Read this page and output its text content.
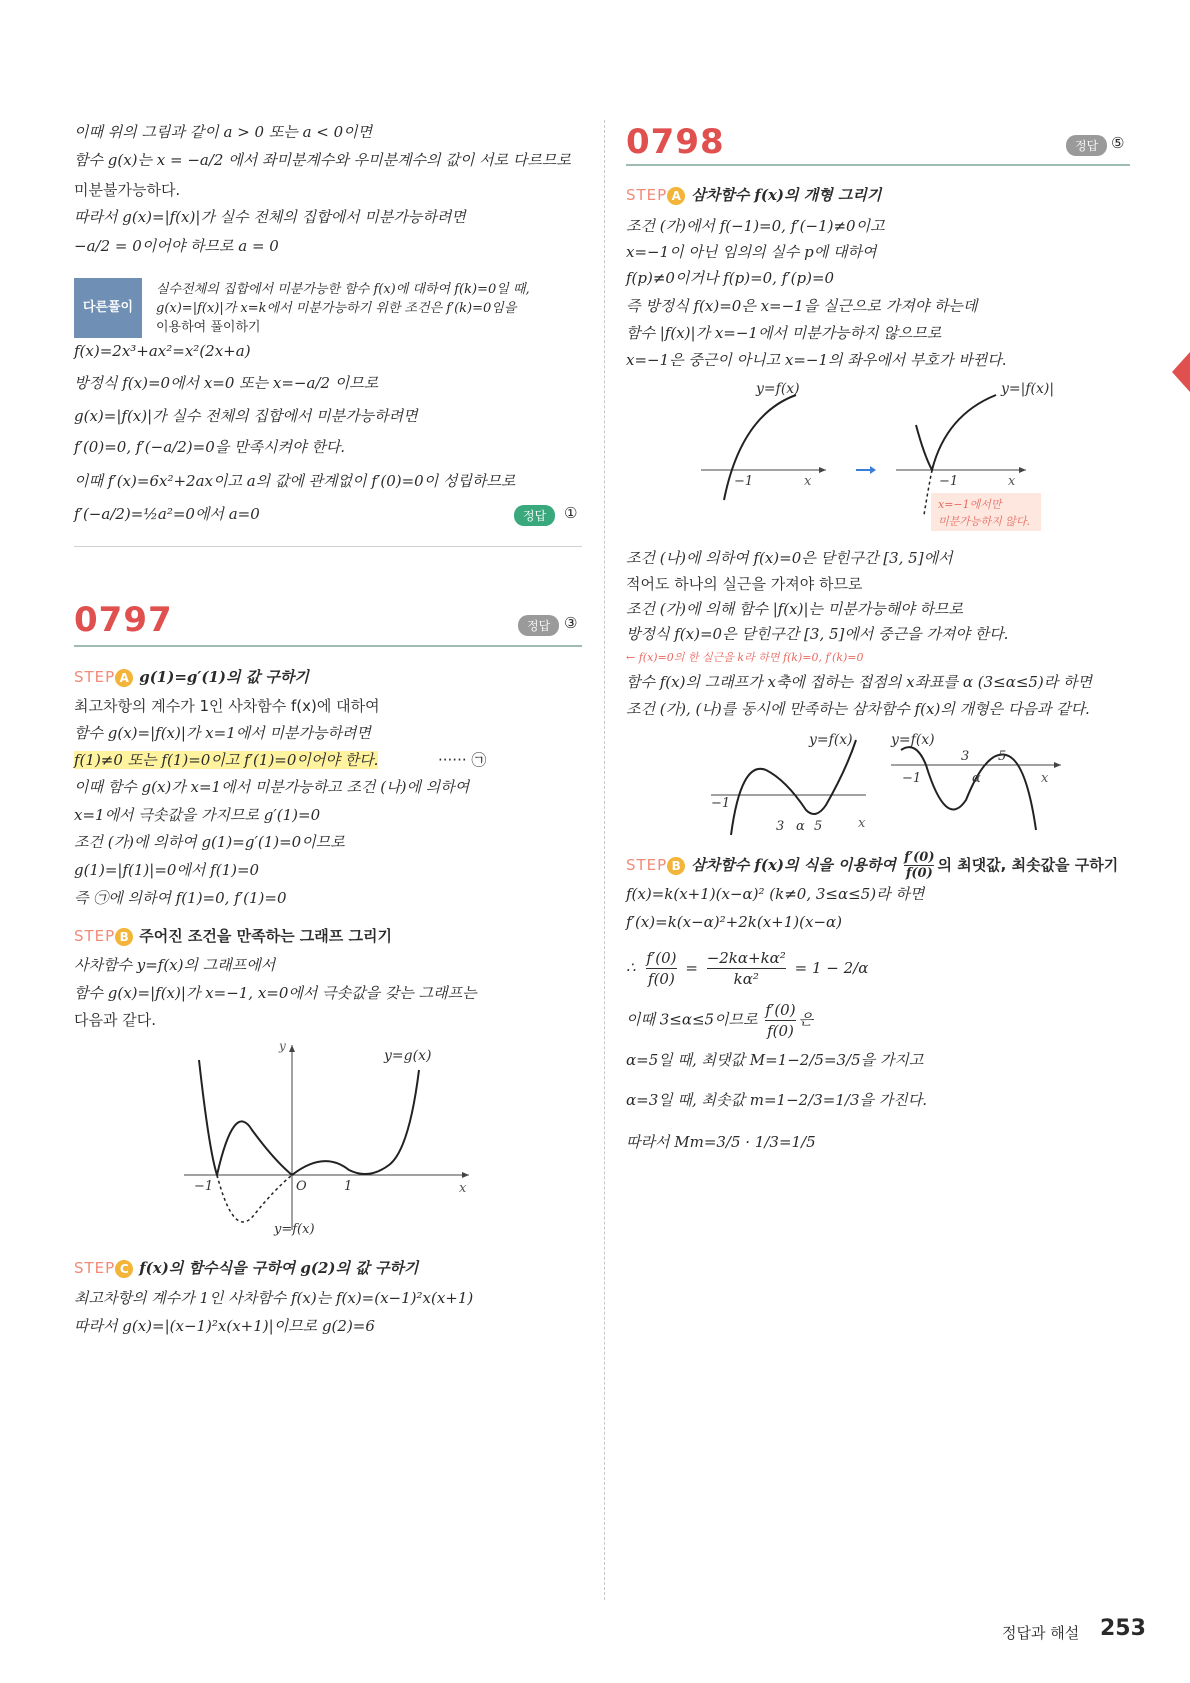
이때 위의 그림과 같이 a > 0 또는 a < 0이면
함수 g(x)는 x = −a/2 에서 좌미분계수와 우미분계수의 값이 서로 다르므로
미분불가능하다.
따라서 g(x)=|f(x)|가 실수 전체의 집합에서 미분가능하려면
−a/2 = 0이어야 하므로 a = 0
다른풀이
실수전체의 집합에서 미분가능한 함수 f(x)에 대하여 f(k)=0일 때,
g(x)=|f(x)|가 x=k에서 미분가능하기 위한 조건은 f′(k)=0임을
이용하여 풀이하기
f(x)=2x³+ax²=x²(2x+a)
방정식 f(x)=0에서 x=0 또는 x=−a/2 이므로
g(x)=|f(x)|가 실수 전체의 집합에서 미분가능하려면
f′(0)=0, f′(−a/2)=0을 만족시켜야 한다.
이때 f′(x)=6x²+2ax이고 a의 값에 관계없이 f′(0)=0이 성립하므로
f′(−a/2)=½a²=0에서 a=0	정답	①
0797	정답 ③
STEP A g(1)=g′(1)의 값 구하기
최고차항의 계수가 1인 사차함수 f(x)에 대하여
함수 g(x)=|f(x)|가 x=1에서 미분가능하려면
f(1)≠0 또는 f(1)=0이고 f′(1)=0이어야 한다.	······ ㉠
이때 함수 g(x)가 x=1에서 미분가능하고 조건 (나)에 의하여
x=1에서 극솟값을 가지므로 g′(1)=0
조건 (가)에 의하여 g(1)=g′(1)=0이므로
g(1)=|f(1)|=0에서 f(1)=0
즉 ㉠에 의하여 f(1)=0, f′(1)=0
STEP B 주어진 조건을 만족하는 그래프 그리기
사차함수 y=f(x)의 그래프에서
함수 g(x)=|f(x)|가 x=−1, x=0에서 극솟값을 갖는 그래프는
다음과 같다.
y
x
y=g(x)
y=f(x)
−1	O	1
STEP C f(x)의 함수식을 구하여 g(2)의 값 구하기
최고차항의 계수가 1인 사차함수 f(x)는 f(x)=(x−1)²x(x+1)
따라서 g(x)=|(x−1)²x(x+1)|이므로 g(2)=6
0798	정답 ⑤
STEP A 삼차함수 f(x)의 개형 그리기
조건 (가)에서 f(−1)=0, f′(−1)≠0이고
x=−1이 아닌 임의의 실수 p에 대하여
f(p)≠0이거나 f(p)=0, f′(p)=0
즉 방정식 f(x)=0은 x=−1을 실근으로 가져야 하는데
함수 |f(x)|가 x=−1에서 미분가능하지 않으므로
x=−1은 중근이 아니고 x=−1의 좌우에서 부호가 바뀐다.
y=f(x)
−1	x
y=|f(x)|
−1	x
x=−1에서만
미분가능하지 않다.
조건 (나)에 의하여 f(x)=0은 닫힌구간 [3, 5]에서
적어도 하나의 실근을 가져야 하므로
조건 (가)에 의해 함수 |f(x)|는 미분가능해야 하므로
방정식 f(x)=0은 닫힌구간 [3, 5]에서 중근을 가져야 한다.
← f(x)=0의 한 실근을 k라 하면 f(k)=0, f′(k)=0
함수 f(x)의 그래프가 x축에 접하는 접점의 x좌표를 α (3≤α≤5)라 하면
조건 (가), (나)를 동시에 만족하는 삼차함수 f(x)의 개형은 다음과 같다.
y=f(x)
−1
3 α 5	x
y=f(x)
−1
3
α
5
x
STEP B 삼차함수 f(x)의 식을 이용하여 $\frac{f'(0)}{f(0)}$ 의 최댓값, 최솟값을 구하기
f(x)=k(x+1)(x−α)² (k≠0, 3≤α≤5)라 하면
f′(x)=k(x−α)²+2k(x+1)(x−α)
∴ $\frac{f'(0)}{f(0)} = \frac{\text{−2kα+kα²}}{\text{kα²}} = 1 - 2/\alpha$
이때 3≤α≤5이므로 $\frac{f'(0)}{f(0)}$ 은
α=5일 때, 최댓값 M=1−2/5=3/5을 가지고
α=3일 때, 최솟값 m=1−2/3=1/3을 가진다.
따라서 Mm=3/5 · 1/3=1/5
정답과 해설 253
